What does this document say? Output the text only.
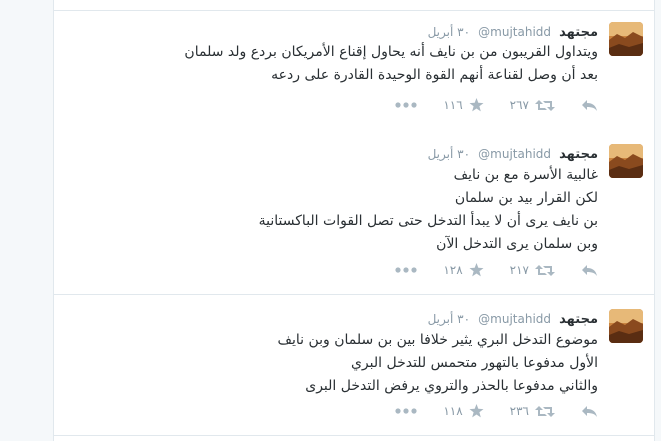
مجتهد @mujtahidd ٣٠ أبريل
ويتداول القريبون من بن نايف أنه يحاول إقناع الأمريكان بردع ولد سلمان
بعد أن وصل لقناعة أنهم القوة الوحيدة القادرة على ردعه
٢٦٧
١١٦
مجتهد @mujtahidd ٣٠ أبريل
غالبية الأسرة مع بن نايف
لكن القرار بيد بن سلمان
بن نايف يرى أن لا يبدأ التدخل حتى تصل القوات الباكستانية
وبن سلمان يرى التدخل الآن
٢١٧
١٢٨
مجتهد @mujtahidd ٣٠ أبريل
موضوع التدخل البري يثير خلافا بين بن سلمان وبن نايف
الأول مدفوعا بالتهور متحمس للتدخل البري
والثاني مدفوعا بالحذر والتروي يرفض التدخل البرى
٢٣٦
١١٨
